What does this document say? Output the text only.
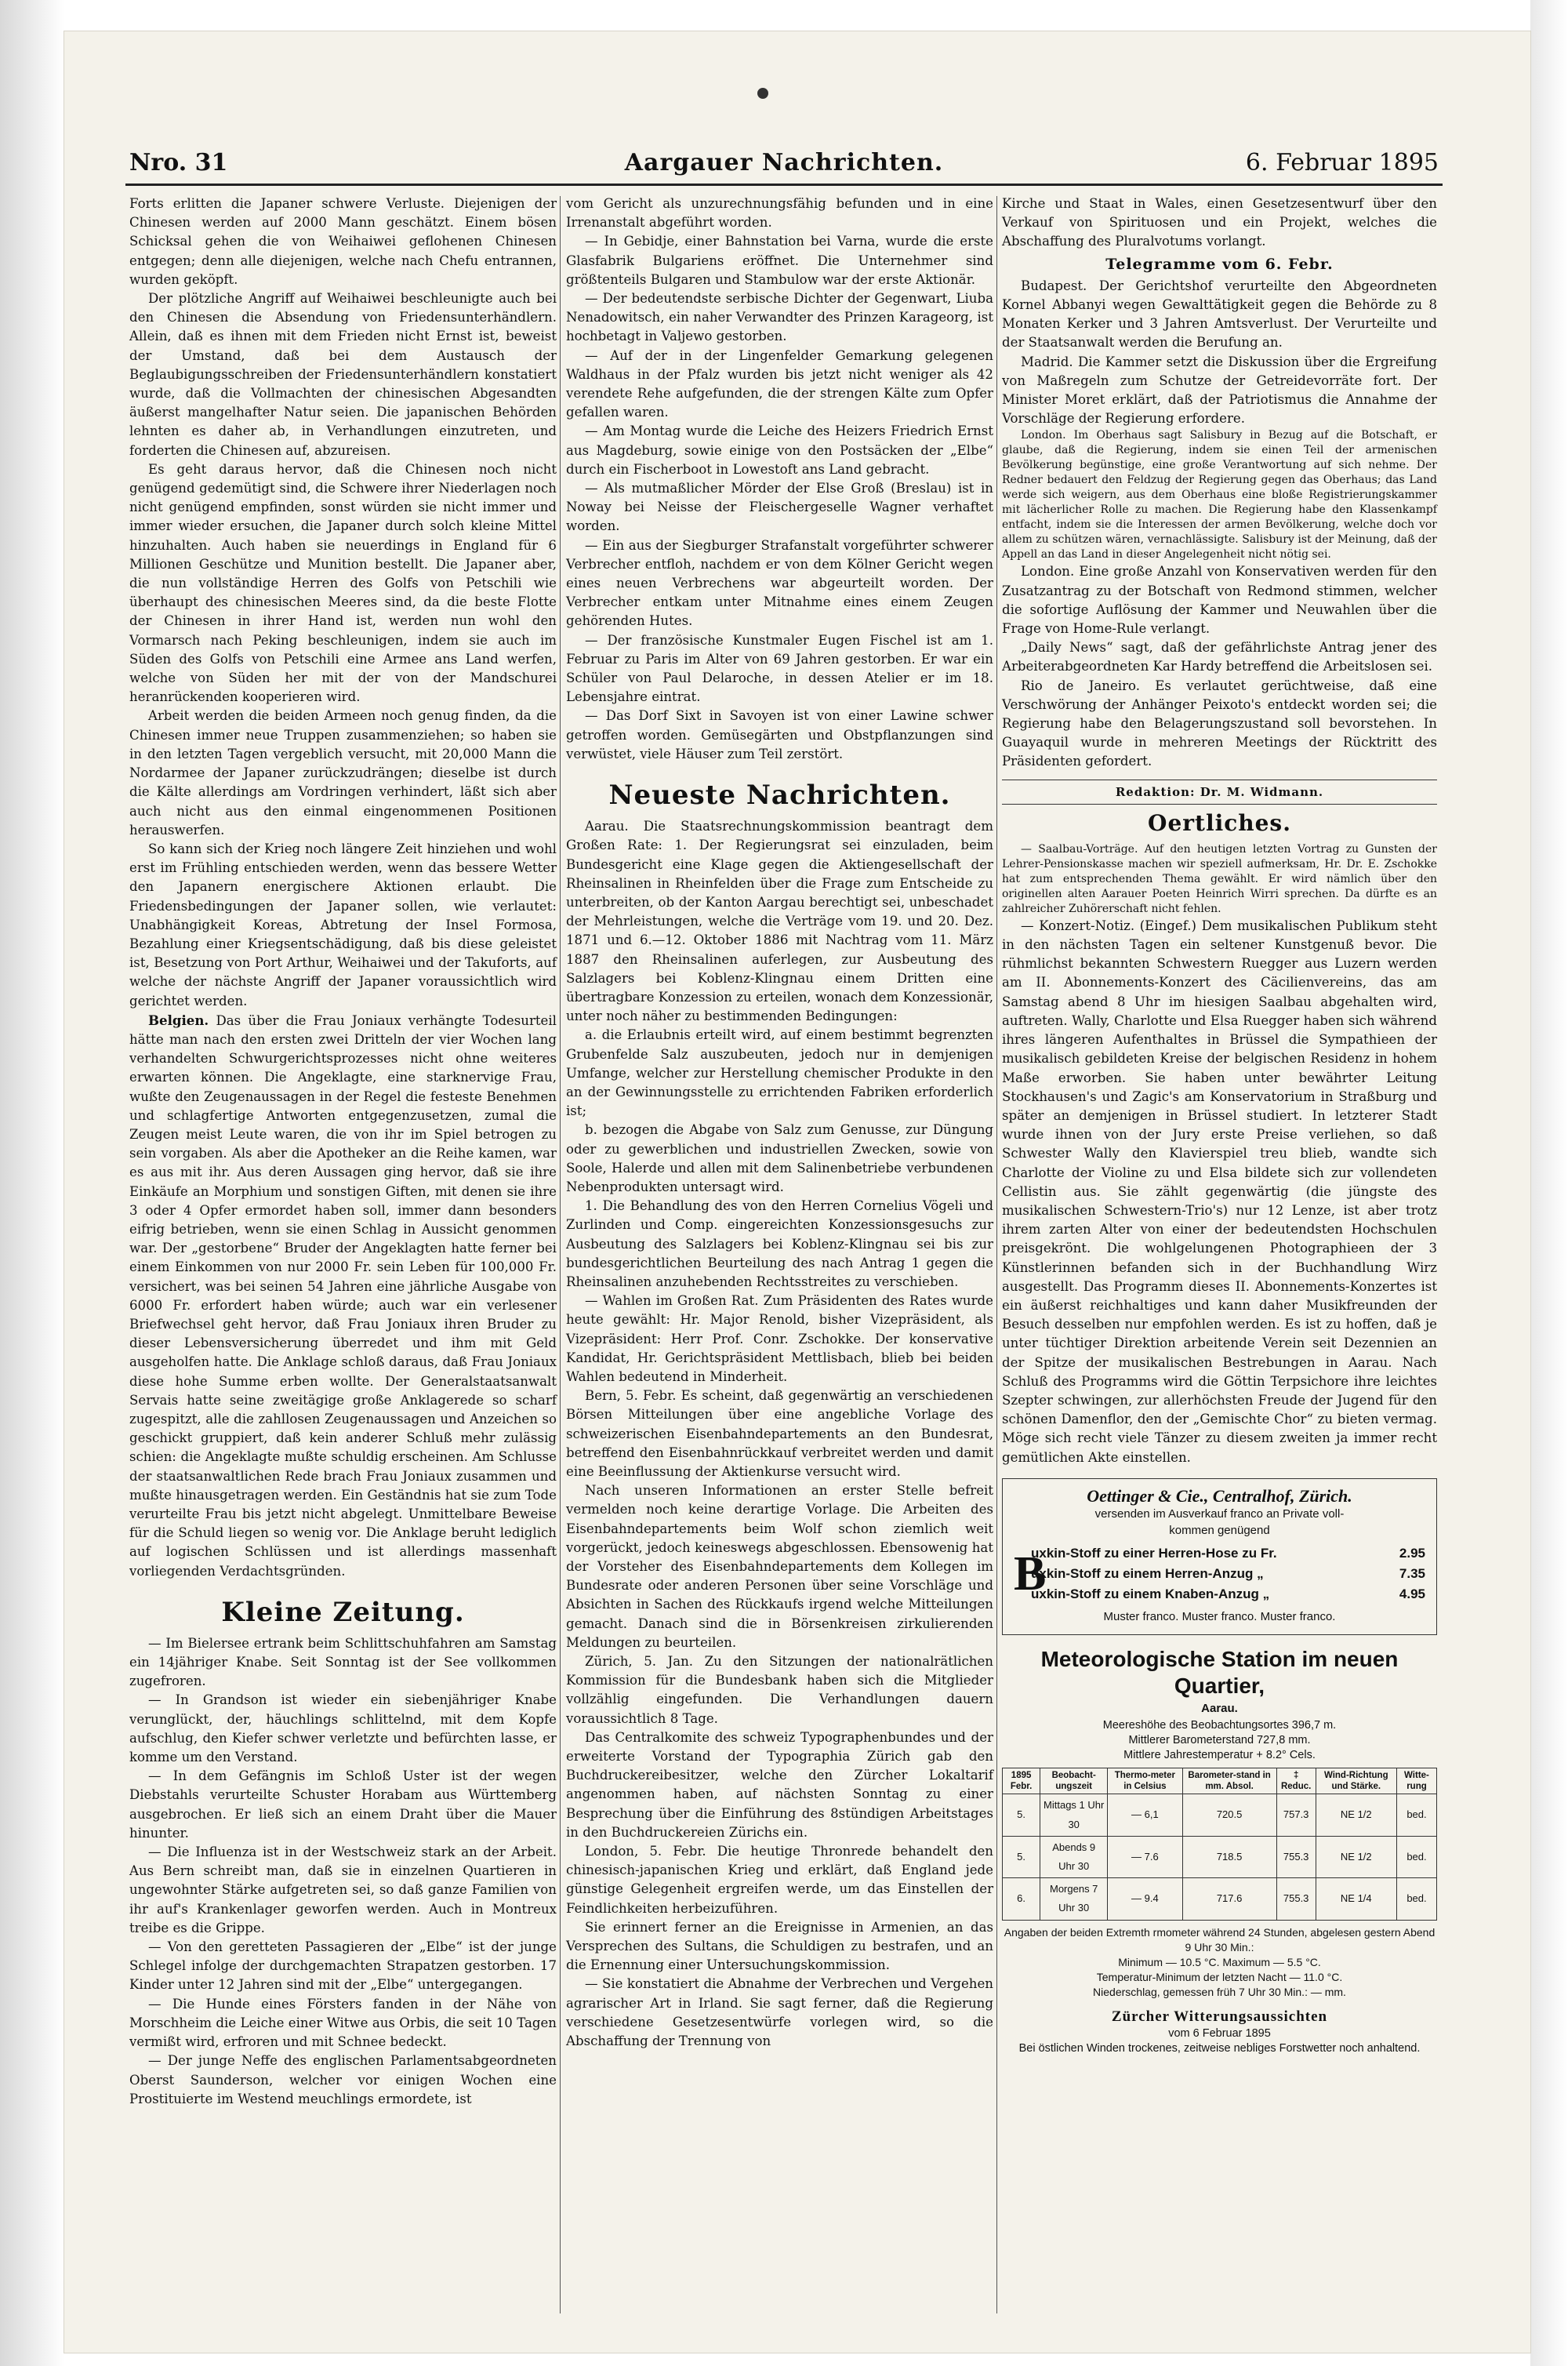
Nro. 31	Aargauer Nachrichten.	6. Februar 1895

Forts erlitten die Japaner schwere Verluste. Diejenigen der Chinesen werden auf 2000 Mann geschätzt. Einem bösen Schicksal gehen die von Weihaiwei geflohenen Chinesen entgegen; denn alle diejenigen, welche nach Chefu entrannen, wurden geköpft.

Der plötzliche Angriff auf Weihaiwei beschleunigte auch bei den Chinesen die Absendung von Friedensunterhändlern. Allein, daß es ihnen mit dem Frieden nicht Ernst ist, beweist der Umstand, daß bei dem Austausch der Beglaubigungsschreiben der Friedensunterhändlern konstatiert wurde, daß die Vollmachten der chinesischen Abgesandten äußerst mangelhafter Natur seien. Die japanischen Behörden lehnten es daher ab, in Verhandlungen einzutreten, und forderten die Chinesen auf, abzureisen.

Es geht daraus hervor, daß die Chinesen noch nicht genügend gedemütigt sind, die Schwere ihrer Niederlagen noch nicht genügend empfinden, sonst würden sie nicht immer und immer wieder ersuchen, die Japaner durch solch kleine Mittel hinzuhalten. Auch haben sie neuerdings in England für 6 Millionen Geschütze und Munition bestellt. Die Japaner aber, die nun vollständige Herren des Golfs von Petschili wie überhaupt des chinesischen Meeres sind, da die beste Flotte der Chinesen in ihrer Hand ist, werden nun wohl den Vormarsch nach Peking beschleunigen, indem sie auch im Süden des Golfs von Petschili eine Armee ans Land werfen, welche von Süden her mit der von der Mandschurei heranrückenden kooperieren wird.

Arbeit werden die beiden Armeen noch genug finden, da die Chinesen immer neue Truppen zusammenziehen; so haben sie in den letzten Tagen vergeblich versucht, mit 20,000 Mann die Nordarmee der Japaner zurückzudrängen; dieselbe ist durch die Kälte allerdings am Vordringen verhindert, läßt sich aber auch nicht aus den einmal eingenommenen Positionen herauswerfen.

So kann sich der Krieg noch längere Zeit hinziehen und wohl erst im Frühling entschieden werden, wenn das bessere Wetter den Japanern energischere Aktionen erlaubt. Die Friedensbedingungen der Japaner sollen, wie verlautet: Unabhängigkeit Koreas, Abtretung der Insel Formosa, Bezahlung einer Kriegsentschädigung, daß bis diese geleistet ist, Besetzung von Port Arthur, Weihaiwei und der Takuforts, auf welche der nächste Angriff der Japaner voraussichtlich wird gerichtet werden.

Belgien. Das über die Frau Joniaux verhängte Todesurteil hätte man nach den ersten zwei Dritteln der vier Wochen lang verhandelten Schwurgerichtsprozesses nicht ohne weiteres erwarten können. Die Angeklagte, eine starknervige Frau, wußte den Zeugenaussagen in der Regel die festeste Benehmen und schlagfertige Antworten entgegenzusetzen, zumal die Zeugen meist Leute waren, die von ihr im Spiel betrogen zu sein vorgaben. Als aber die Apotheker an die Reihe kamen, war es aus mit ihr. Aus deren Aussagen ging hervor, daß sie ihre Einkäufe an Morphium und sonstigen Giften, mit denen sie ihre 3 oder 4 Opfer ermordet haben soll, immer dann besonders eifrig betrieben, wenn sie einen Schlag in Aussicht genommen war. Der „gestorbene“ Bruder der Angeklagten hatte ferner bei einem Einkommen von nur 2000 Fr. sein Leben für 100,000 Fr. versichert, was bei seinen 54 Jahren eine jährliche Ausgabe von 6000 Fr. erfordert haben würde; auch war ein verlesener Briefwechsel geht hervor, daß Frau Joniaux ihren Bruder zu dieser Lebensversicherung überredet und ihm mit Geld ausgeholfen hatte. Die Anklage schloß daraus, daß Frau Joniaux diese hohe Summe erben wollte. Der Generalstaatsanwalt Servais hatte seine zweitägige große Anklagerede so scharf zugespitzt, alle die zahllosen Zeugenaussagen und Anzeichen so geschickt gruppiert, daß kein anderer Schluß mehr zulässig schien: die Angeklagte mußte schuldig erscheinen. Am Schlusse der staatsanwaltlichen Rede brach Frau Joniaux zusammen und mußte hinausgetragen werden. Ein Geständnis hat sie zum Tode verurteilte Frau bis jetzt nicht abgelegt. Unmittelbare Beweise für die Schuld liegen so wenig vor. Die Anklage beruht lediglich auf logischen Schlüssen und ist allerdings massenhaft vorliegenden Verdachtsgründen.

Kleine Zeitung.

— Im Bielersee ertrank beim Schlittschuhfahren am Samstag ein 14jähriger Knabe. Seit Sonntag ist der See vollkommen zugefroren.

— In Grandson ist wieder ein siebenjähriger Knabe verunglückt, der, häuchlings schlittelnd, mit dem Kopfe aufschlug, den Kiefer schwer verletzte und befürchten lasse, er komme um den Verstand.

— In dem Gefängnis im Schloß Uster ist der wegen Diebstahls verurteilte Schuster Horabam aus Württemberg ausgebrochen. Er ließ sich an einem Draht über die Mauer hinunter.

— Die Influenza ist in der Westschweiz stark an der Arbeit. Aus Bern schreibt man, daß sie in einzelnen Quartieren in ungewohnter Stärke aufgetreten sei, so daß ganze Familien von ihr auf's Krankenlager geworfen werden. Auch in Montreux treibe es die Grippe.

— Von den geretteten Passagieren der „Elbe“ ist der junge Schlegel infolge der durchgemachten Strapatzen gestorben. 17 Kinder unter 12 Jahren sind mit der „Elbe“ untergegangen.

— Die Hunde eines Försters fanden in der Nähe von Morschheim die Leiche einer Witwe aus Orbis, die seit 10 Tagen vermißt wird, erfroren und mit Schnee bedeckt.

— Der junge Neffe des englischen Parlamentsabgeordneten Oberst Saunderson, welcher vor einigen Wochen eine Prostituierte im Westend meuchlings ermordete, ist

vom Gericht als unzurechnungsfähig befunden und in eine Irrenanstalt abgeführt worden.

— In Gebidje, einer Bahnstation bei Varna, wurde die erste Glasfabrik Bulgariens eröffnet. Die Unternehmer sind größtenteils Bulgaren und Stambulow war der erste Aktionär.

— Der bedeutendste serbische Dichter der Gegenwart, Liuba Nenadowitsch, ein naher Verwandter des Prinzen Karageorg, ist hochbetagt in Valjewo gestorben.

— Auf der in der Lingenfelder Gemarkung gelegenen Waldhaus in der Pfalz wurden bis jetzt nicht weniger als 42 verendete Rehe aufgefunden, die der strengen Kälte zum Opfer gefallen waren.

— Am Montag wurde die Leiche des Heizers Friedrich Ernst aus Magdeburg, sowie einige von den Postsäcken der „Elbe“ durch ein Fischerboot in Lowestoft ans Land gebracht.

— Als mutmaßlicher Mörder der Else Groß (Breslau) ist in Noway bei Neisse der Fleischergeselle Wagner verhaftet worden.

— Ein aus der Siegburger Strafanstalt vorgeführter schwerer Verbrecher entfloh, nachdem er von dem Kölner Gericht wegen eines neuen Verbrechens war abgeurteilt worden. Der Verbrecher entkam unter Mitnahme eines einem Zeugen gehörenden Hutes.

— Der französische Kunstmaler Eugen Fischel ist am 1. Februar zu Paris im Alter von 69 Jahren gestorben. Er war ein Schüler von Paul Delaroche, in dessen Atelier er im 18. Lebensjahre eintrat.

— Das Dorf Sixt in Savoyen ist von einer Lawine schwer getroffen worden. Gemüsegärten und Obstpflanzungen sind verwüstet, viele Häuser zum Teil zerstört.

Neueste Nachrichten.

Aarau. Die Staatsrechnungskommission beantragt dem Großen Rate: 1. Der Regierungsrat sei einzuladen, beim Bundesgericht eine Klage gegen die Aktiengesellschaft der Rheinsalinen in Rheinfelden über die Frage zum Entscheide zu unterbreiten, ob der Kanton Aargau berechtigt sei, unbeschadet der Mehrleistungen, welche die Verträge vom 19. und 20. Dez. 1871 und 6.—12. Oktober 1886 mit Nachtrag vom 11. März 1887 den Rheinsalinen auferlegen, zur Ausbeutung des Salzlagers bei Koblenz-Klingnau einem Dritten eine übertragbare Konzession zu erteilen, wonach dem Konzessionär, unter noch näher zu bestimmenden Bedingungen:

a. die Erlaubnis erteilt wird, auf einem bestimmt begrenzten Grubenfelde Salz auszubeuten, jedoch nur in demjenigen Umfange, welcher zur Herstellung chemischer Produkte in den an der Gewinnungsstelle zu errichtenden Fabriken erforderlich ist;

b. bezogen die Abgabe von Salz zum Genusse, zur Düngung oder zu gewerblichen und industriellen Zwecken, sowie von Soole, Halerde und allen mit dem Salinenbetriebe verbundenen Nebenprodukten untersagt wird.

1. Die Behandlung des von den Herren Cornelius Vögeli und Zurlinden und Comp. eingereichten Konzessionsgesuchs zur Ausbeutung des Salzlagers bei Koblenz-Klingnau sei bis zur bundesgerichtlichen Beurteilung des nach Antrag 1 gegen die Rheinsalinen anzuhebenden Rechtsstreites zu verschieben.

— Wahlen im Großen Rat. Zum Präsidenten des Rates wurde heute gewählt: Hr. Major Renold, bisher Vizepräsident, als Vizepräsident: Herr Prof. Conr. Zschokke. Der konservative Kandidat, Hr. Gerichtspräsident Mettlisbach, blieb bei beiden Wahlen bedeutend in Minderheit.

Bern, 5. Febr. Es scheint, daß gegenwärtig an verschiedenen Börsen Mitteilungen über eine angebliche Vorlage des schweizerischen Eisenbahndepartements an den Bundesrat, betreffend den Eisenbahnrückkauf verbreitet werden und damit eine Beeinflussung der Aktienkurse versucht wird.

Nach unseren Informationen an erster Stelle befreit vermelden noch keine derartige Vorlage. Die Arbeiten des Eisenbahndepartements beim Wolf schon ziemlich weit vorgerückt, jedoch keineswegs abgeschlossen. Ebensowenig hat der Vorsteher des Eisenbahndepartements dem Kollegen im Bundesrate oder anderen Personen über seine Vorschläge und Absichten in Sachen des Rückkaufs irgend welche Mitteilungen gemacht. Danach sind die in Börsenkreisen zirkulierenden Meldungen zu beurteilen.

Zürich, 5. Jan. Zu den Sitzungen der nationalrätlichen Kommission für die Bundesbank haben sich die Mitglieder vollzählig eingefunden. Die Verhandlungen dauern voraussichtlich 8 Tage.

Das Centralkomite des schweiz Typographenbundes und der erweiterte Vorstand der Typographia Zürich gab den Buchdruckereibesitzer, welche den Zürcher Lokaltarif angenommen haben, auf nächsten Sonntag zu einer Besprechung über die Einführung des 8stündigen Arbeitstages in den Buchdruckereien Zürichs ein.

London, 5. Febr. Die heutige Thronrede behandelt den chinesisch-japanischen Krieg und erklärt, daß England jede günstige Gelegenheit ergreifen werde, um das Einstellen der Feindlichkeiten herbeizuführen.

Sie erinnert ferner an die Ereignisse in Armenien, an das Versprechen des Sultans, die Schuldigen zu bestrafen, und an die Ernennung einer Untersuchungskommission.

— Sie konstatiert die Abnahme der Verbrechen und Vergehen agrarischer Art in Irland. Sie sagt ferner, daß die Regierung verschiedene Gesetzesentwürfe vorlegen wird, so die Abschaffung der Trennung von

Kirche und Staat in Wales, einen Gesetzesentwurf über den Verkauf von Spirituosen und ein Projekt, welches die Abschaffung des Pluralvotums vorlangt.

Telegramme vom 6. Febr.

Budapest. Der Gerichtshof verurteilte den Abgeordneten Kornel Abbanyi wegen Gewalttätigkeit gegen die Behörde zu 8 Monaten Kerker und 3 Jahren Amtsverlust. Der Verurteilte und der Staatsanwalt werden die Berufung an.

Madrid. Die Kammer setzt die Diskussion über die Ergreifung von Maßregeln zum Schutze der Getreidevorräte fort. Der Minister Moret erklärt, daß der Patriotismus die Annahme der Vorschläge der Regierung erfordere.

London. Im Oberhaus sagt Salisbury in Bezug auf die Botschaft, er glaube, daß die Regierung, indem sie einen Teil der armenischen Bevölkerung begünstige, eine große Verantwortung auf sich nehme. Der Redner bedauert den Feldzug der Regierung gegen das Oberhaus; das Land werde sich weigern, aus dem Oberhaus eine bloße Registrierungskammer mit lächerlicher Rolle zu machen. Die Regierung habe den Klassenkampf entfacht, indem sie die Interessen der armen Bevölkerung, welche doch vor allem zu schützen wären, vernachlässigte. Salisbury ist der Meinung, daß der Appell an das Land in dieser Angelegenheit nicht nötig sei.

London. Eine große Anzahl von Konservativen werden für den Zusatzantrag zu der Botschaft von Redmond stimmen, welcher die sofortige Auflösung der Kammer und Neuwahlen über die Frage von Home-Rule verlangt.

„Daily News“ sagt, daß der gefährlichste Antrag jener des Arbeiterabgeordneten Kar Hardy betreffend die Arbeitslosen sei.

Rio de Janeiro. Es verlautet gerüchtweise, daß eine Verschwörung der Anhänger Peixoto's entdeckt worden sei; die Regierung habe den Belagerungszustand soll bevorstehen. In Guayaquil wurde in mehreren Meetings der Rücktritt des Präsidenten gefordert.

Redaktion: Dr. M. Widmann.
Oertliches.

— Saalbau-Vorträge. Auf den heutigen letzten Vortrag zu Gunsten der Lehrer-Pensionskasse machen wir speziell aufmerksam, Hr. Dr. E. Zschokke hat zum entsprechenden Thema gewählt. Er wird nämlich über den originellen alten Aarauer Poeten Heinrich Wirri sprechen. Da dürfte es an zahlreicher Zuhörerschaft nicht fehlen.

— Konzert-Notiz. (Eingef.) Dem musikalischen Publikum steht in den nächsten Tagen ein seltener Kunstgenuß bevor. Die rühmlichst bekannten Schwestern Ruegger aus Luzern werden am II. Abonnements-Konzert des Cäcilienvereins, das am Samstag abend 8 Uhr im hiesigen Saalbau abgehalten wird, auftreten. Wally, Charlotte und Elsa Ruegger haben sich während ihres längeren Aufenthaltes in Brüssel die Sympathieen der musikalisch gebildeten Kreise der belgischen Residenz in hohem Maße erworben. Sie haben unter bewährter Leitung Stockhausen's und Zagic's am Konservatorium in Straßburg und später an demjenigen in Brüssel studiert. In letzterer Stadt wurde ihnen von der Jury erste Preise verliehen, so daß Schwester Wally den Klavierspiel treu blieb, wandte sich Charlotte der Violine zu und Elsa bildete sich zur vollendeten Cellistin aus. Sie zählt gegenwärtig (die jüngste des musikalischen Schwestern-Trio's) nur 12 Lenze, ist aber trotz ihrem zarten Alter von einer der bedeutendsten Hochschulen preisgekrönt. Die wohlgelungenen Photographieen der 3 Künstlerinnen befanden sich in der Buchhandlung Wirz ausgestellt. Das Programm dieses II. Abonnements-Konzertes ist ein äußerst reichhaltiges und kann daher Musikfreunden der Besuch desselben nur empfohlen werden. Es ist zu hoffen, daß je unter tüchtiger Direktion arbeitende Verein seit Dezennien an der Spitze der musikalischen Bestrebungen in Aarau. Nach Schluß des Programms wird die Göttin Terpsichore ihre leichtes Szepter schwingen, zur allerhöchsten Freude der Jugend für den schönen Damenflor, den der „Gemischte Chor“ zu bieten vermag. Möge sich recht viele Tänzer zu diesem zweiten ja immer recht gemütlichen Akte einstellen.

Oettinger & Cie., Centralhof, Zürich.
versenden im Ausverkauf franco an Private voll-
kommen genügend
B
uxkin-Stoff zu einer Herren-Hose zu Fr.	2.95
uxkin-Stoff zu einem Herren-Anzug „	7.35
uxkin-Stoff zu einem Knaben-Anzug „	4.95
Muster franco. Muster franco. Muster franco.
Meteorologische Station im neuen Quartier,
Aarau.
Meereshöhe des Beobachtungsortes 396,7 m.
Mittlerer Barometerstand 727,8 mm.
Mittlere Jahrestemperatur + 8.2° Cels.
1895 Febr.	Beobacht-ungszeit	Thermo-meter in Celsius	Barometer-stand in mm. Absol.	‡ Reduc.	Wind-Richtung und Stärke.	Witte-rung
5.	Mittags 1 Uhr 30	— 6,1	720.5	757.3	NE 1/2	bed.
5.	Abends 9 Uhr 30	— 7.6	718.5	755.3	NE 1/2	bed.
6.	Morgens 7 Uhr 30	— 9.4	717.6	755.3	NE 1/4	bed.
Angaben der beiden Extremth rmometer während 24 Stunden, abgelesen gestern Abend 9 Uhr 30 Min.:
Minimum — 10.5 °C. Maximum — 5.5 °C.
Temperatur-Minimum der letzten Nacht — 11.0 °C.
Niederschlag, gemessen früh 7 Uhr 30 Min.: — mm.
Zürcher Witterungsaussichten
vom 6 Februar 1895
Bei östlichen Winden trockenes, zeitweise nebliges Forstwetter noch anhaltend.
